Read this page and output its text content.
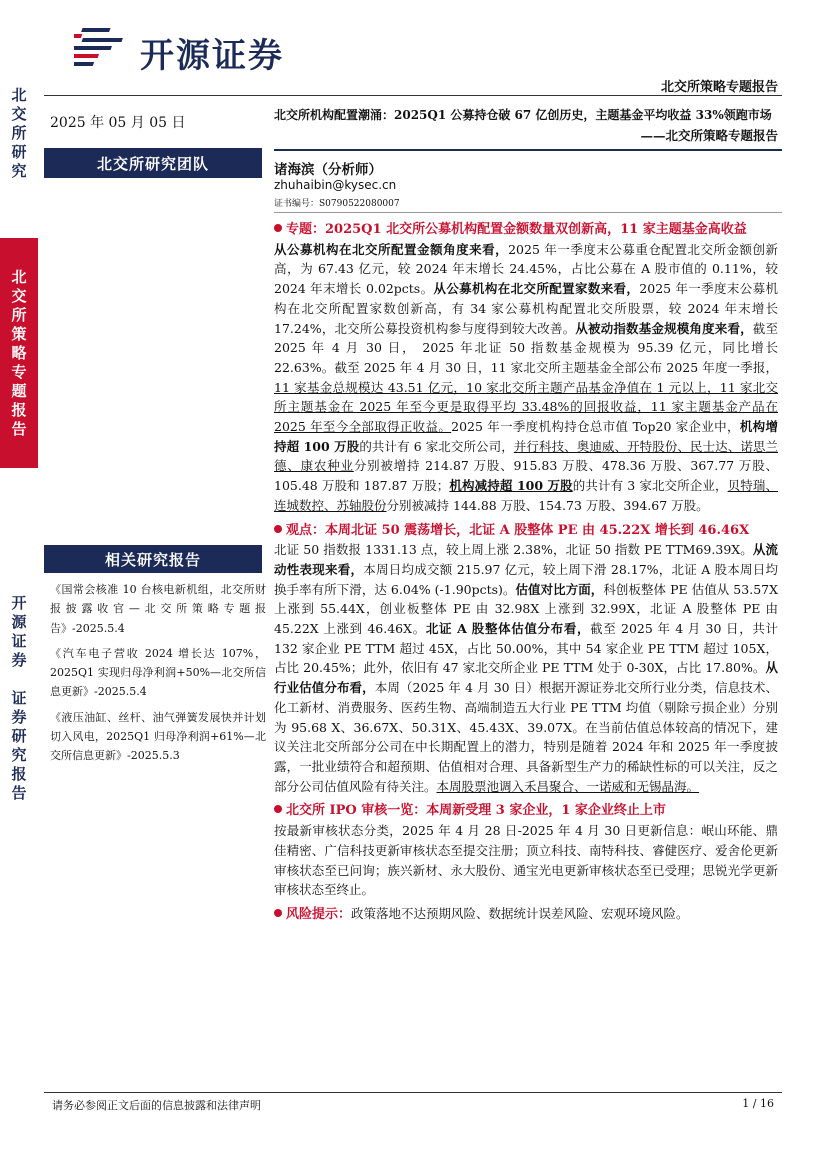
开源证券
北交所策略专题报告
北
交
所
研
究
北
交
所
策
略
专
题
报
告
开
源
证
券

证
券
研
究
报
告
2025 年 05 月 05 日	北交所机构配置潮涌：2025Q1 公募持仓破 67 亿创历史，主题基金平均收益 33%领跑市场
——北交所策略专题报告
北交所研究团队	诸海滨（分析师）
zhuhaibin@kysec.cn
证书编号：S0790522080007
相关研究报告
《国常会核准 10 台核电新机组，北交所财报披露收官—北交所策略专题报告》-2025.5.4
《汽车电子营收 2024 增长达 107%，2025Q1 实现归母净利润+50%—北交所信息更新》-2025.5.4
《液压油缸、丝杆、油气弹簧发展快并计划切入风电，2025Q1 归母净利润+61%—北交所信息更新》-2025.5.3
专题：2025Q1 北交所公募机构配置金额数量双创新高，11 家主题基金高收益
从公募机构在北交所配置金额角度来看，2025 年一季度末公募重仓配置北交所金额创新高，为 67.43 亿元，较 2024 年末增长 24.45%，占比公募在 A 股市值的 0.11%，较 2024 年末增长 0.02pcts。从公募机构在北交所配置家数来看，2025 年一季度末公募机构在北交所配置家数创新高，有 34 家公募机构配置北交所股票，较 2024 年末增长 17.24%，北交所公募投资机构参与度得到较大改善。从被动指数基金规模角度来看，截至 2025 年 4 月 30 日， 2025 年北证 50 指数基金规模为 95.39 亿元，同比增长 22.63%。截至 2025 年 4 月 30 日，11 家北交所主题基金全部公布 2025 年度一季报，11 家基金总规模达 43.51 亿元，10 家北交所主题产品基金净值在 1 元以上，11 家北交所主题基金在 2025 年至今更是取得平均 33.48%的回报收益，11 家主题基金产品在 2025 年至今全部取得正收益。2025 年一季度机构持仓总市值 Top20 家企业中，机构增持超 100 万股的共计有 6 家北交所公司，并行科技、奥迪威、开特股份、民士达、诺思兰德、康农种业分别被增持 214.87 万股、915.83 万股、478.36 万股、367.77 万股、105.48 万股和 187.87 万股；机构减持超 100 万股的共计有 3 家北交所企业，贝特瑞、连城数控、苏轴股份分别被减持 144.88 万股、154.73 万股、394.67 万股。
观点：本周北证 50 震荡增长，北证 A 股整体 PE 由 45.22X 增长到 46.46X
北证 50 指数报 1331.13 点，较上周上涨 2.38%，北证 50 指数 PE TTM69.39X。从流动性表现来看，本周日均成交额 215.97 亿元，较上周下滑 28.17%，北证 A 股本周日均换手率有所下滑，达 6.04% (-1.90pcts)。估值对比方面，科创板整体 PE 估值从 53.57X 上涨到 55.44X，创业板整体 PE 由 32.98X 上涨到 32.99X，北证 A 股整体 PE 由 45.22X 上涨到 46.46X。北证 A 股整体估值分布看，截至 2025 年 4 月 30 日，共计 132 家企业 PE TTM 超过 45X，占比 50.00%，其中 54 家企业 PE TTM 超过 105X，占比 20.45%；此外，依旧有 47 家北交所企业 PE TTM 处于 0-30X，占比 17.80%。从行业估值分布看，本周（2025 年 4 月 30 日）根据开源证券北交所行业分类，信息技术、化工新材、消费服务、医药生物、高端制造五大行业 PE TTM 均值（剔除亏损企业）分别为 95.68 X、36.67X、50.31X、45.43X、39.07X。在当前估值总体较高的情况下，建议关注北交所部分公司在中长期配置上的潜力，特别是随着 2024 年和 2025 年一季度披露，一批业绩符合和超预期、估值相对合理、具备新型生产力的稀缺性标的可以关注，反之部分公司估值风险有待关注。本周股票池调入禾昌聚合、一诺威和无锡晶海。
北交所 IPO 审核一览：本周新受理 3 家企业，1 家企业终止上市
按最新审核状态分类，2025 年 4 月 28 日-2025 年 4 月 30 日更新信息：岷山环能、鼎佳精密、广信科技更新审核状态至提交注册；顶立科技、南特科技、睿健医疗、爱舍伦更新审核状态至已问询；族兴新材、永大股份、通宝光电更新审核状态至已受理；思锐光学更新审核状态至终止。
风险提示：政策落地不达预期风险、数据统计误差风险、宏观环境风险。
请务必参阅正文后面的信息披露和法律声明	1 / 16
